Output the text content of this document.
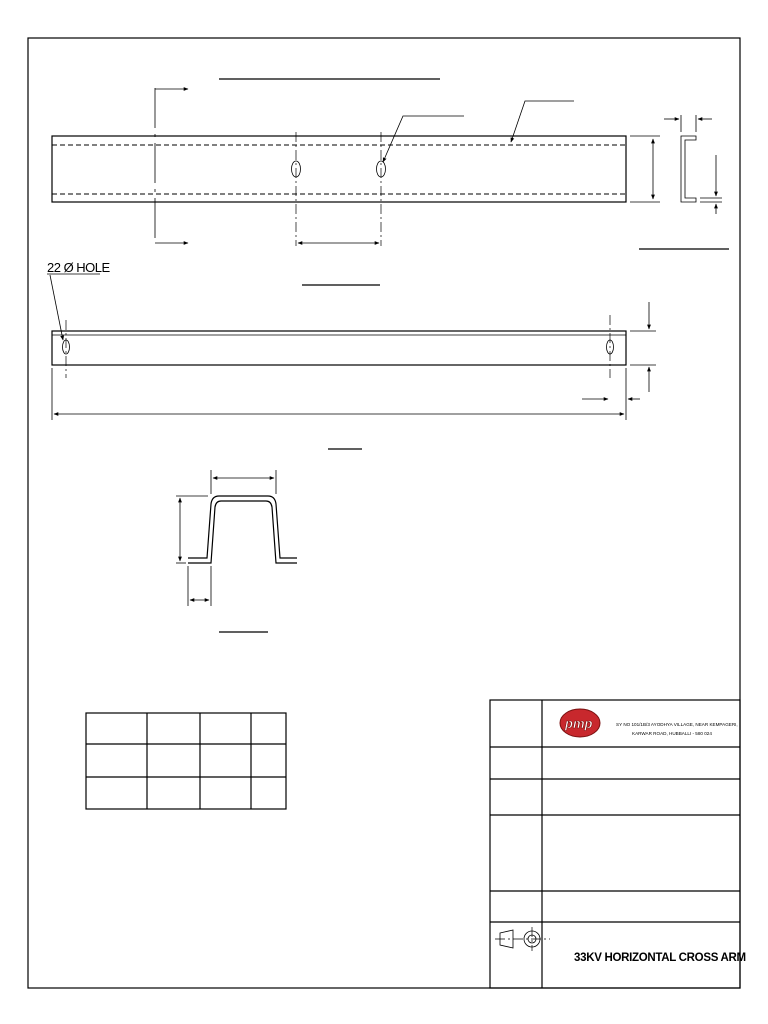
22 Ø HOLE
pmp	SY NO 101/1B/3 AYODHYA VILLAGE, NEAR KEMPAGERI,
KARWAR ROAD, HUBBALLI - 580 024
33KV HORIZONTAL CROSS ARM
